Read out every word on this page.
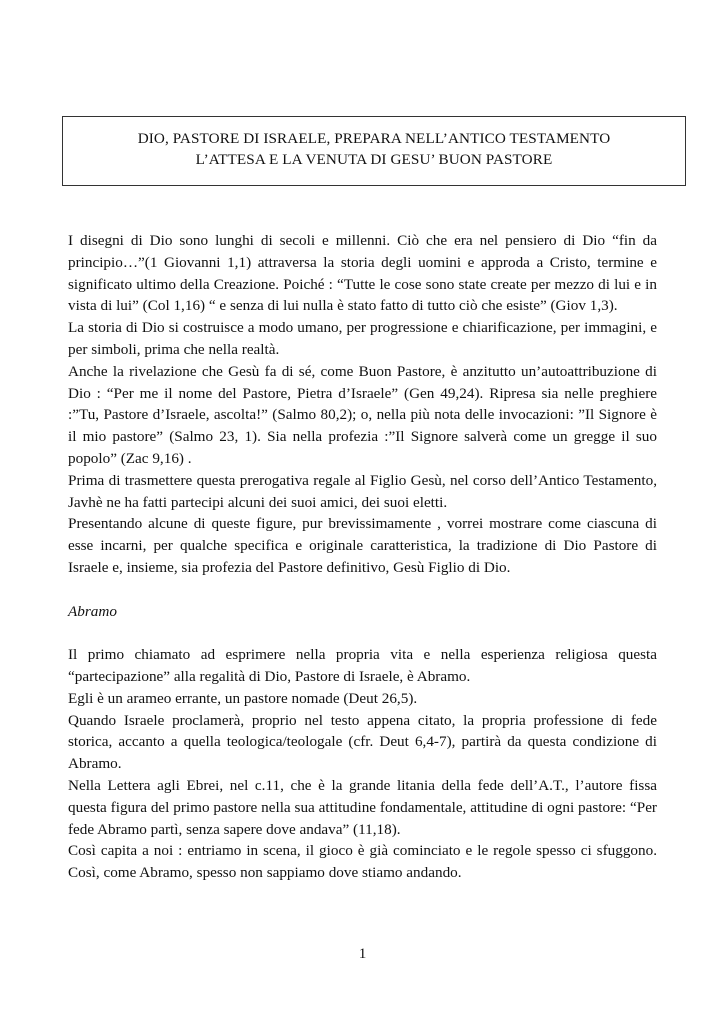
DIO, PASTORE DI ISRAELE, PREPARA NELL’ANTICO TESTAMENTO
L’ATTESA E LA VENUTA DI GESU’ BUON PASTORE

I disegni di Dio sono lunghi di secoli e millenni. Ciò che era nel pensiero di Dio “fin da principio…”(1 Giovanni 1,1) attraversa la storia degli uomini e approda a Cristo, termine e significato ultimo della Creazione. Poiché : “Tutte le cose sono state create per mezzo di lui e in vista di lui” (Col 1,16) “ e senza di lui nulla è stato fatto di tutto ciò che esiste” (Giov 1,3).

La storia di Dio si costruisce a modo umano, per progressione e chiarificazione, per immagini, e per simboli, prima che nella realtà.

Anche la rivelazione che Gesù fa di sé, come Buon Pastore, è anzitutto un’autoattribuzione di Dio : “Per me il nome del Pastore, Pietra d’Israele” (Gen 49,24). Ripresa sia nelle preghiere :”Tu, Pastore d’Israele, ascolta!” (Salmo 80,2); o, nella più nota delle invocazioni: ”Il Signore è il mio pastore” (Salmo 23, 1). Sia nella profezia :”Il Signore salverà come un gregge il suo popolo” (Zac 9,16) .

Prima di trasmettere questa prerogativa regale al Figlio Gesù, nel corso dell’Antico Testamento, Javhè ne ha fatti partecipi alcuni dei suoi amici, dei suoi eletti.

Presentando alcune di queste figure, pur brevissimamente , vorrei mostrare come ciascuna di esse incarni, per qualche specifica e originale caratteristica, la tradizione di Dio Pastore di Israele e, insieme, sia profezia del Pastore definitivo, Gesù Figlio di Dio.

Abramo

Il primo chiamato ad esprimere nella propria vita e nella esperienza religiosa questa “partecipazione” alla regalità di Dio, Pastore di Israele, è Abramo.

Egli è un arameo errante, un pastore nomade (Deut 26,5).

Quando Israele proclamerà, proprio nel testo appena citato, la propria professione di fede storica, accanto a quella teologica/teologale (cfr. Deut 6,4-7), partirà da questa condizione di Abramo.

Nella Lettera agli Ebrei, nel c.11, che è la grande litania della fede dell’A.T., l’autore fissa questa figura del primo pastore nella sua attitudine fondamentale, attitudine di ogni pastore: “Per fede Abramo partì, senza sapere dove andava” (11,18).

Così capita a noi : entriamo in scena, il gioco è già cominciato e le regole spesso ci sfuggono. Così, come Abramo, spesso non sappiamo dove stiamo andando.

1
